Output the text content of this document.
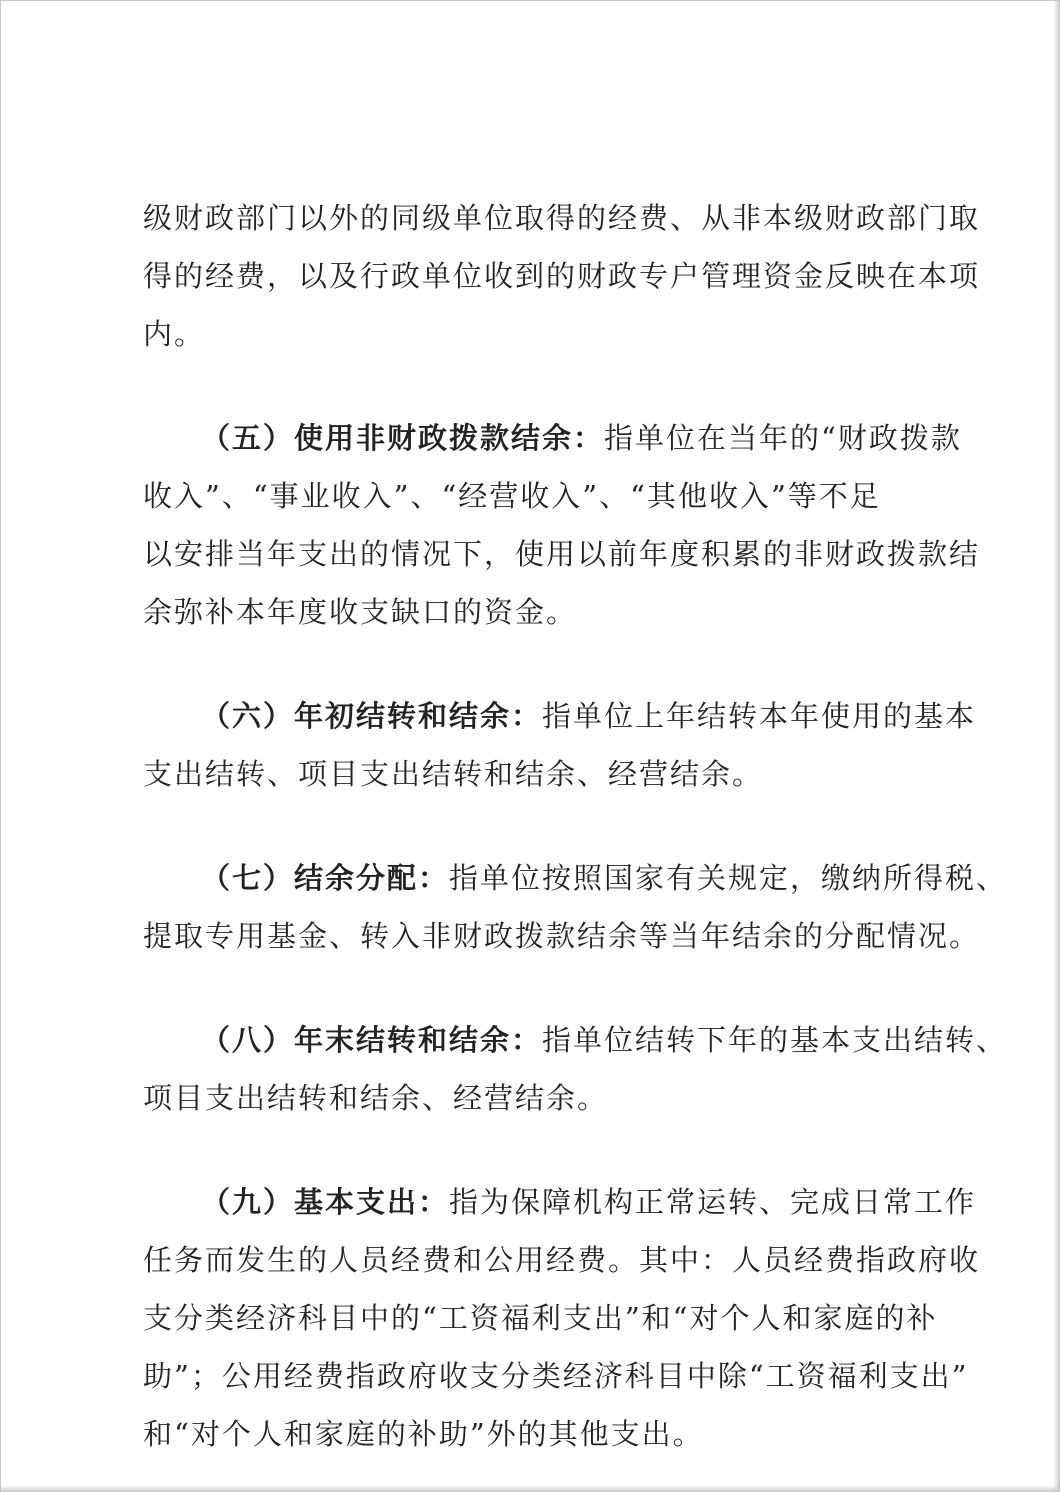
级财政部门以外的同级单位取得的经费、从非本级财政部门取
得的经费，以及行政单位收到的财政专户管理资金反映在本项
内。
（五）使用非财政拨款结余：指单位在当年的“财政拨款
收入”、“事业收入”、“经营收入”、“其他收入”等不足
以安排当年支出的情况下，使用以前年度积累的非财政拨款结
余弥补本年度收支缺口的资金。
（六）年初结转和结余：指单位上年结转本年使用的基本
支出结转、项目支出结转和结余、经营结余。
（七）结余分配：指单位按照国家有关规定，缴纳所得税、
提取专用基金、转入非财政拨款结余等当年结余的分配情况。
（八）年末结转和结余：指单位结转下年的基本支出结转、
项目支出结转和结余、经营结余。
（九）基本支出：指为保障机构正常运转、完成日常工作
任务而发生的人员经费和公用经费。其中：人员经费指政府收
支分类经济科目中的“工资福利支出”和“对个人和家庭的补
助”；公用经费指政府收支分类经济科目中除“工资福利支出”
和“对个人和家庭的补助”外的其他支出。
